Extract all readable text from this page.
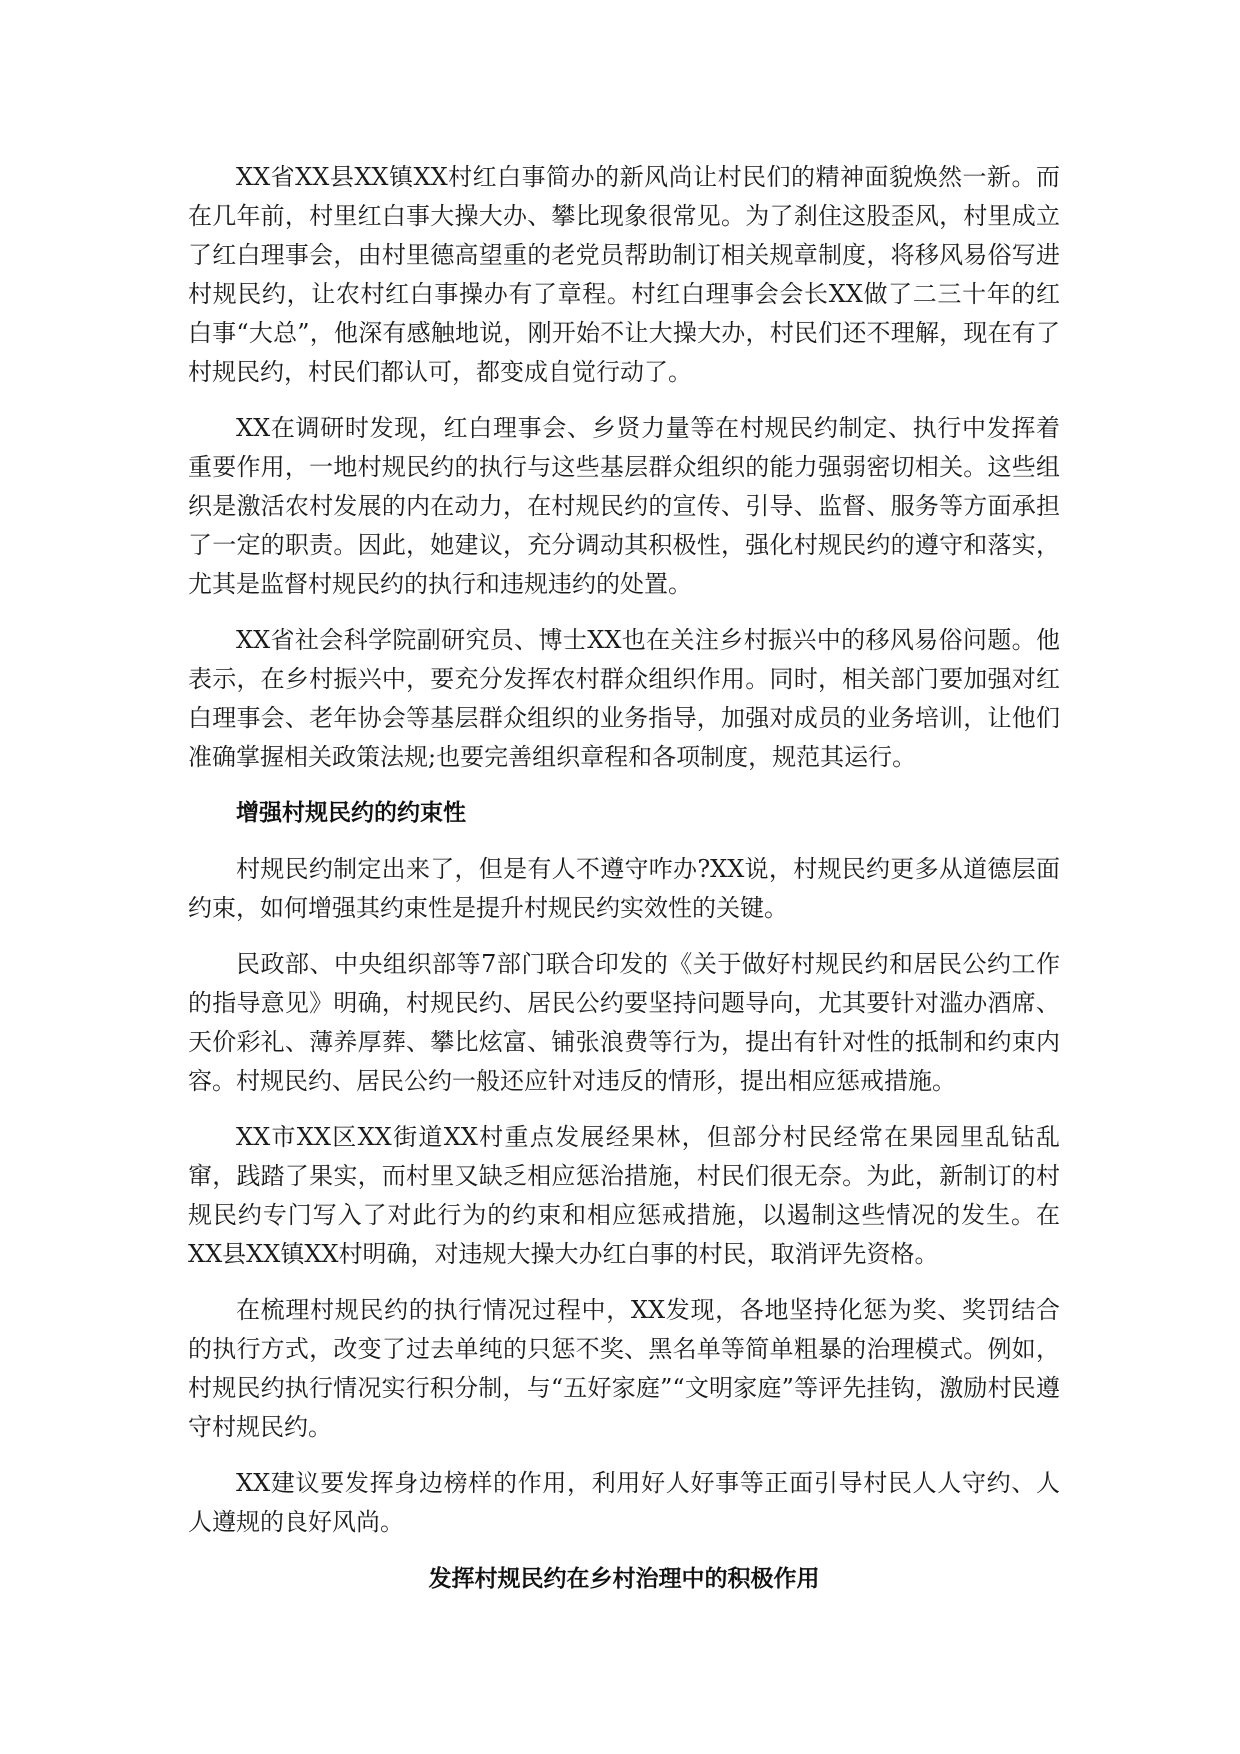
XX省XX县XX镇XX村红白事简办的新风尚让村民们的精神面貌焕然一新。而在几年前，村里红白事大操大办、攀比现象很常见。为了刹住这股歪风，村里成立了红白理事会，由村里德高望重的老党员帮助制订相关规章制度，将移风易俗写进村规民约，让农村红白事操办有了章程。村红白理事会会长XX做了二三十年的红白事“大总”，他深有感触地说，刚开始不让大操大办，村民们还不理解，现在有了村规民约，村民们都认可，都变成自觉行动了。

XX在调研时发现，红白理事会、乡贤力量等在村规民约制定、执行中发挥着重要作用，一地村规民约的执行与这些基层群众组织的能力强弱密切相关。这些组织是激活农村发展的内在动力，在村规民约的宣传、引导、监督、服务等方面承担了一定的职责。因此，她建议，充分调动其积极性，强化村规民约的遵守和落实，尤其是监督村规民约的执行和违规违约的处置。

XX省社会科学院副研究员、博士XX也在关注乡村振兴中的移风易俗问题。他表示，在乡村振兴中，要充分发挥农村群众组织作用。同时，相关部门要加强对红白理事会、老年协会等基层群众组织的业务指导，加强对成员的业务培训，让他们准确掌握相关政策法规;也要完善组织章程和各项制度，规范其运行。

增强村规民约的约束性

村规民约制定出来了，但是有人不遵守咋办?XX说，村规民约更多从道德层面约束，如何增强其约束性是提升村规民约实效性的关键。

民政部、中央组织部等7部门联合印发的《关于做好村规民约和居民公约工作的指导意见》明确，村规民约、居民公约要坚持问题导向，尤其要针对滥办酒席、天价彩礼、薄养厚葬、攀比炫富、铺张浪费等行为，提出有针对性的抵制和约束内容。村规民约、居民公约一般还应针对违反的情形，提出相应惩戒措施。

XX市XX区XX街道XX村重点发展经果林，但部分村民经常在果园里乱钻乱窜，践踏了果实，而村里又缺乏相应惩治措施，村民们很无奈。为此，新制订的村规民约专门写入了对此行为的约束和相应惩戒措施，以遏制这些情况的发生。在XX县XX镇XX村明确，对违规大操大办红白事的村民，取消评先资格。

在梳理村规民约的执行情况过程中，XX发现，各地坚持化惩为奖、奖罚结合的执行方式，改变了过去单纯的只惩不奖、黑名单等简单粗暴的治理模式。例如，村规民约执行情况实行积分制，与“五好家庭”“文明家庭”等评先挂钩，激励村民遵守村规民约。

XX建议要发挥身边榜样的作用，利用好人好事等正面引导村民人人守约、人人遵规的良好风尚。

发挥村规民约在乡村治理中的积极作用
